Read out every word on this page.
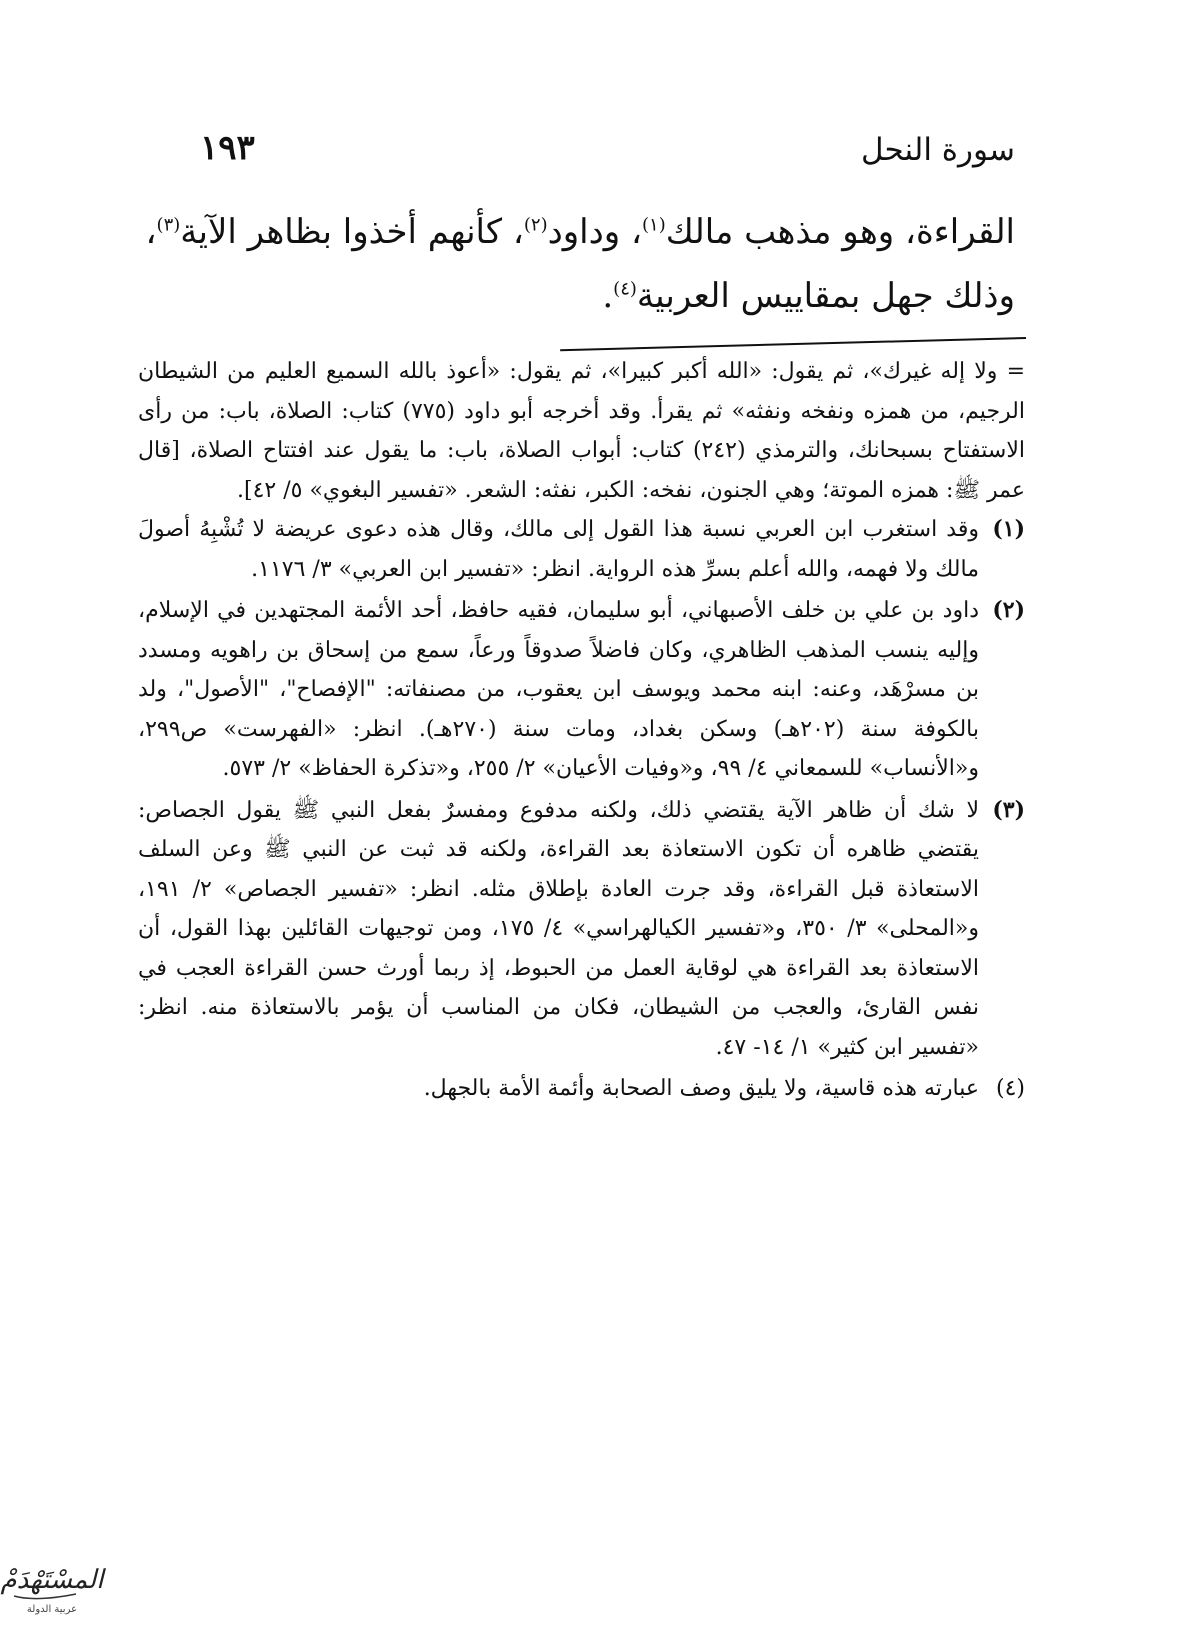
سورة النحل
١٩٣

القراءة، وهو مذهب مالك$^{(١)}$، وداود$^{(٢)}$، كأنهم أخذوا بظاهر الآية$^{(٣)}$،

وذلك جهل بمقاييس العربية$^{(٤)}$.

= ولا إله غيرك»، ثم يقول: «الله أكبر كبيرا»، ثم يقول: «أعوذ بالله السميع العليم من الشيطان الرجيم، من همزه ونفخه ونفثه» ثم يقرأ. وقد أخرجه أبو داود (٧٧٥) كتاب: الصلاة، باب: من رأى الاستفتاح بسبحانك، والترمذي (٢٤٢) كتاب: أبواب الصلاة، باب: ما يقول عند افتتاح الصلاة، [قال عمر ﷺ: همزه الموتة؛ وهي الجنون، نفخه: الكبر، نفثه: الشعر. «تفسير البغوي» ٥/ ٤٢].

(١)
وقد استغرب ابن العربي نسبة هذا القول إلى مالك، وقال هذه دعوى عريضة لا تُشْبِهُ أصولَ مالك ولا فهمه، والله أعلم بسرِّ هذه الرواية. انظر: «تفسير ابن العربي» ٣/ ١١٧٦.

(٢)
داود بن علي بن خلف الأصبهاني، أبو سليمان، فقيه حافظ، أحد الأئمة المجتهدين في الإسلام، وإليه ينسب المذهب الظاهري، وكان فاضلاً صدوقاً ورعاً، سمع من إسحاق بن راهويه ومسدد بن مسرْهَد، وعنه: ابنه محمد ويوسف ابن يعقوب، من مصنفاته: "الإفصاح"، "الأصول"، ولد بالكوفة سنة (٢٠٢هـ) وسكن بغداد، ومات سنة (٢٧٠هـ). انظر: «الفهرست» ص٢٩٩، و«الأنساب» للسمعاني ٤/ ٩٩، و«وفيات الأعيان» ٢/ ٢٥٥، و«تذكرة الحفاظ» ٢/ ٥٧٣.

(٣)
لا شك أن ظاهر الآية يقتضي ذلك، ولكنه مدفوع ومفسرٌ بفعل النبي ﷺ يقول الجصاص: يقتضي ظاهره أن تكون الاستعاذة بعد القراءة، ولكنه قد ثبت عن النبي ﷺ وعن السلف الاستعاذة قبل القراءة، وقد جرت العادة بإطلاق مثله. انظر: «تفسير الجصاص» ٢/ ١٩١، و«المحلى» ٣/ ٣٥٠، و«تفسير الكيالهراسي» ٤/ ١٧٥، ومن توجيهات القائلين بهذا القول، أن الاستعاذة بعد القراءة هي لوقاية العمل من الحبوط، إذ ربما أورث حسن القراءة العجب في نفس القارئ، والعجب من الشيطان، فكان من المناسب أن يؤمر بالاستعاذة منه. انظر: «تفسير ابن كثير» ١/ ١٤- ٤٧.

(٤)
عبارته هذه قاسية، ولا يليق وصف الصحابة وأئمة الأمة بالجهل.

المسْتَهْدَمْ
عربية الدولة
